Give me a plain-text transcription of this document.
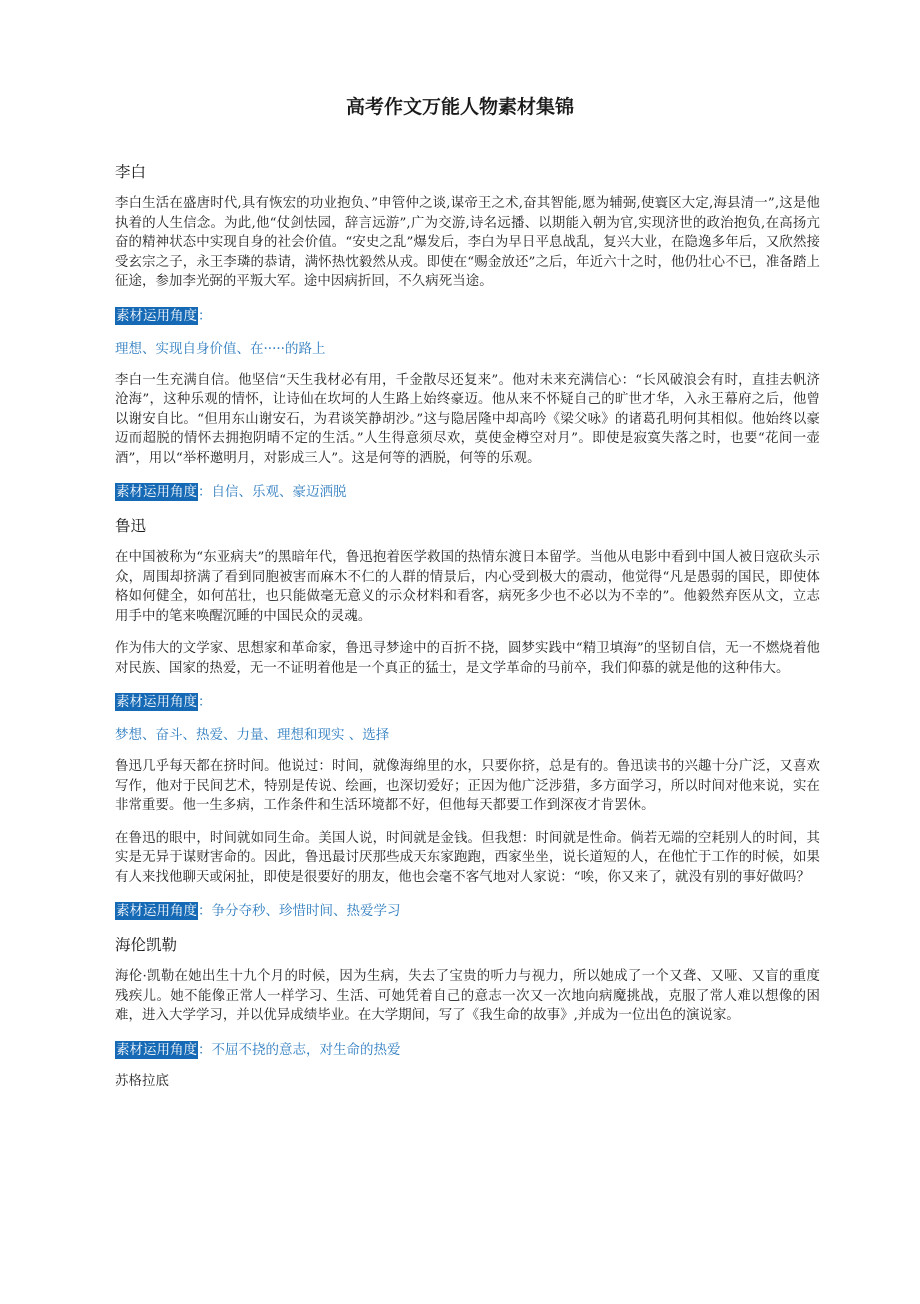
高考作文万能人物素材集锦
李白

李白生活在盛唐时代,具有恢宏的功业抱负、”申管仲之谈,谋帝王之术,奋其智能,愿为辅弼,使寰区大定,海县清一”,这是他执着的人生信念。为此,他“仗剑怯园，辞言远游”,广为交游,诗名远播、以期能入朝为官,实现济世的政治抱负,在高扬亢奋的精神状态中实现自身的社会价值。“安史之乱”爆发后，李白为早日平息战乱，复兴大业，在隐逸多年后，又欣然接受玄宗之子，永王李璘的恭请，满怀热忱毅然从戎。即使在“赐金放还”之后，年近六十之时，他仍壮心不已，准备踏上征途，参加李光弼的平叛大军。途中因病折回，不久病死当途。

素材运用角度：
理想、实现自身价值、在·····的路上

李白一生充满自信。他坚信“天生我材必有用，千金散尽还复来”。他对未来充满信心：“长风破浪会有时，直挂去帆济沧海”，这种乐观的情怀，让诗仙在坎坷的人生路上始终豪迈。他从来不怀疑自己的旷世才华，入永王幕府之后，他曾以谢安自比。“但用东山谢安石，为君谈笑静胡沙。”这与隐居隆中却高吟《梁父咏》的诸葛孔明何其相似。他始终以豪迈而超脱的情怀去拥抱阴晴不定的生活。”人生得意须尽欢，莫使金樽空对月”。即使是寂寞失落之时，也要“花间一壶酒”，用以“举杯邀明月，对影成三人”。这是何等的洒脱，何等的乐观。

素材运用角度：自信、乐观、豪迈洒脱
鲁迅

在中国被称为“东亚病夫”的黑暗年代，鲁迅抱着医学救国的热情东渡日本留学。当他从电影中看到中国人被日寇砍头示众，周围却挤满了看到同胞被害而麻木不仁的人群的情景后，内心受到极大的震动，他觉得“凡是愚弱的国民，即使体格如何健全，如何茁壮，也只能做毫无意义的示众材料和看客，病死多少也不必以为不幸的”。他毅然弃医从文，立志用手中的笔来唤醒沉睡的中国民众的灵魂。

作为伟大的文学家、思想家和革命家，鲁迅寻梦途中的百折不挠，圆梦实践中“精卫填海”的坚韧自信，无一不燃烧着他对民族、国家的热爱，无一不证明着他是一个真正的猛士，是文学革命的马前卒，我们仰慕的就是他的这种伟大。

素材运用角度：
梦想、奋斗、热爱、力量、理想和现实 、选择

鲁迅几乎每天都在挤时间。他说过：时间，就像海绵里的水，只要你挤，总是有的。鲁迅读书的兴趣十分广泛，又喜欢写作，他对于民间艺术，特别是传说、绘画，也深切爱好；正因为他广泛涉猎，多方面学习，所以时间对他来说，实在非常重要。他一生多病，工作条件和生活环境都不好，但他每天都要工作到深夜才肯罢休。

在鲁迅的眼中，时间就如同生命。美国人说，时间就是金钱。但我想：时间就是性命。倘若无端的空耗别人的时间，其实是无异于谋财害命的。因此，鲁迅最讨厌那些成天东家跑跑，西家坐坐，说长道短的人，在他忙于工作的时候，如果有人来找他聊天或闲扯，即使是很要好的朋友，他也会毫不客气地对人家说：“唉，你又来了，就没有别的事好做吗？

素材运用角度：争分夺秒、珍惜时间、热爱学习
海伦凯勒

海伦·凯勒在她出生十九个月的时候，因为生病，失去了宝贵的听力与视力，所以她成了一个又聋、又哑、又盲的重度残疾儿。她不能像正常人一样学习、生活、可她凭着自己的意志一次又一次地向病魔挑战，克服了常人难以想像的困难，进入大学学习，并以优异成绩毕业。在大学期间，写了《我生命的故事》,并成为一位出色的演说家。

素材运用角度：不屈不挠的意志，对生命的热爱
苏格拉底
